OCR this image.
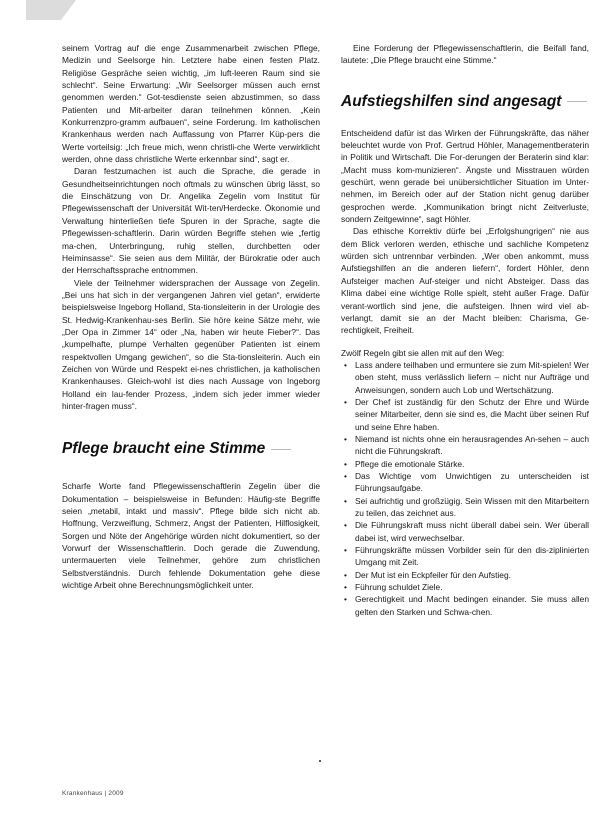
seinem Vortrag auf die enge Zusammenarbeit zwischen Pflege, Medizin und Seelsorge hin. Letztere habe einen festen Platz. Religiöse Gespräche seien wichtig, „im luft-leeren Raum sind sie schlecht“. Seine Erwartung: „Wir Seelsorger müssen auch ernst genommen werden.“ Got-tesdienste seien abzustimmen, so dass Patienten und Mit-arbeiter daran teilnehmen können. „Kein Konkurrenzpro-gramm aufbauen“, seine Forderung. Im katholischen Krankenhaus werden nach Auffassung von Pfarrer Küp-pers die Werte vorteilsig: „Ich freue mich, wenn christli-che Werte verwirklicht werden, ohne dass christliche Werte erkennbar sind“, sagt er.

Daran festzumachen ist auch die Sprache, die gerade in Gesundheitseinrichtungen noch oftmals zu wünschen übrig lässt, so die Einschätzung von Dr. Angelika Zegelin vom Institut für Pflegewissenschaft der Universität Wit-ten/Herdecke. Ökonomie und Verwaltung hinterließen tiefe Spuren in der Sprache, sagte die Pflegewissen-schaftlerin. Darin würden Begriffe stehen wie „fertig ma-chen, Unterbringung, ruhig stellen, durchbetten oder Heiminsasse“. Sie seien aus dem Militär, der Bürokratie oder auch der Herrschaftssprache entnommen.

Viele der Teilnehmer widersprachen der Aussage von Zegelin. „Bei uns hat sich in der vergangenen Jahren viel getan“, erwiderte beispielsweise Ingeborg Holland, Sta-tionsleiterin in der Urologie des St. Hedwig-Krankenhau-ses Berlin. Sie höre keine Sätze mehr, wie „Der Opa in Zimmer 14“ oder „Na, haben wir heute Fieber?“. Das „kumpelhafte, plumpe Verhalten gegenüber Patienten ist einem respektvollen Umgang gewichen“, so die Sta-tionsleiterin. Auch ein Zeichen von Würde und Respekt ei-nes christlichen, ja katholischen Krankenhauses. Gleich-wohl ist dies nach Aussage von Ingeborg Holland ein lau-fender Prozess, „indem sich jeder immer wieder hinter-fragen muss“.

Pflege braucht eine Stimme

Scharfe Worte fand Pflegewissenschaftlerin Zegelin über die Dokumentation – beispielsweise in Befunden: Häufig-ste Begriffe seien „metabil, intakt und massiv“. Pflege bilde sich nicht ab. Hoffnung, Verzweiflung, Schmerz, Angst der Patienten, Hilflosigkeit, Sorgen und Nöte der Angehörige würden nicht dokumentiert, so der Vorwurf der Wissenschaftlerin. Doch gerade die Zuwendung, untermauerten viele Teilnehmer, gehöre zum christlichen Selbstverständnis. Durch fehlende Dokumentation gehe diese wichtige Arbeit ohne Berechnungsmöglichkeit unter.

Eine Forderung der Pflegewissenschaftlerin, die Beifall fand, lautete: „Die Pflege braucht eine Stimme.“

Aufstiegshilfen sind angesagt

Entscheidend dafür ist das Wirken der Führungskräfte, das näher beleuchtet wurde von Prof. Gertrud Höhler, Managementberaterin in Politik und Wirtschaft. Die For-derungen der Beraterin sind klar: „Macht muss kom-munizieren“. Ängste und Misstrauen würden geschürt, wenn gerade bei unübersichtlicher Situation im Unter-nehmen, im Bereich oder auf der Station nicht genug darüber gesprochen werde. „Kommunikation bringt nicht Zeitverluste, sondern Zeitgewinne“, sagt Höhler.

Das ethische Korrektiv dürfe bei „Erfolgshungrigen“ nie aus dem Blick verloren werden, ethische und sachliche Kompetenz würden sich untrennbar verbinden. „Wer oben ankommt, muss Aufstiegshilfen an die anderen liefern“, fordert Höhler, denn Aufsteiger machen Auf-steiger und nicht Absteiger. Dass das Klima dabei eine wichtige Rolle spielt, steht außer Frage. Dafür verant-wortlich sind jene, die aufsteigen. Ihnen wird viel ab-verlangt, damit sie an der Macht bleiben: Charisma, Ge-rechtigkeit, Freiheit.

Zwölf Regeln gibt sie allen mit auf den Weg:

• Lass andere teilhaben und ermuntere sie zum Mit-spielen! Wer oben steht, muss verlässlich liefern – nicht nur Aufträge und Anweisungen, sondern auch Lob und Wertschätzung.
• Der Chef ist zuständig für den Schutz der Ehre und Würde seiner Mitarbeiter, denn sie sind es, die Macht über seinen Ruf und seine Ehre haben.
• Niemand ist nichts ohne ein herausragendes An-sehen – auch nicht die Führungskraft.
• Pflege die emotionale Stärke.
• Das Wichtige vom Unwichtigen zu unterscheiden ist Führungsaufgabe.
• Sei aufrichtig und großzügig. Sein Wissen mit den Mitarbeitern zu teilen, das zeichnet aus.
• Die Führungskraft muss nicht überall dabei sein. Wer überall dabei ist, wird verwechselbar.
• Führungskräfte müssen Vorbilder sein für den dis-ziplinierten Umgang mit Zeit.
• Der Mut ist ein Eckpfeiler für den Aufstieg.
• Führung schuldet Ziele.
• Gerechtigkeit und Macht bedingen einander. Sie muss allen gelten den Starken und Schwa-chen.
Krankenhaus | 2009
